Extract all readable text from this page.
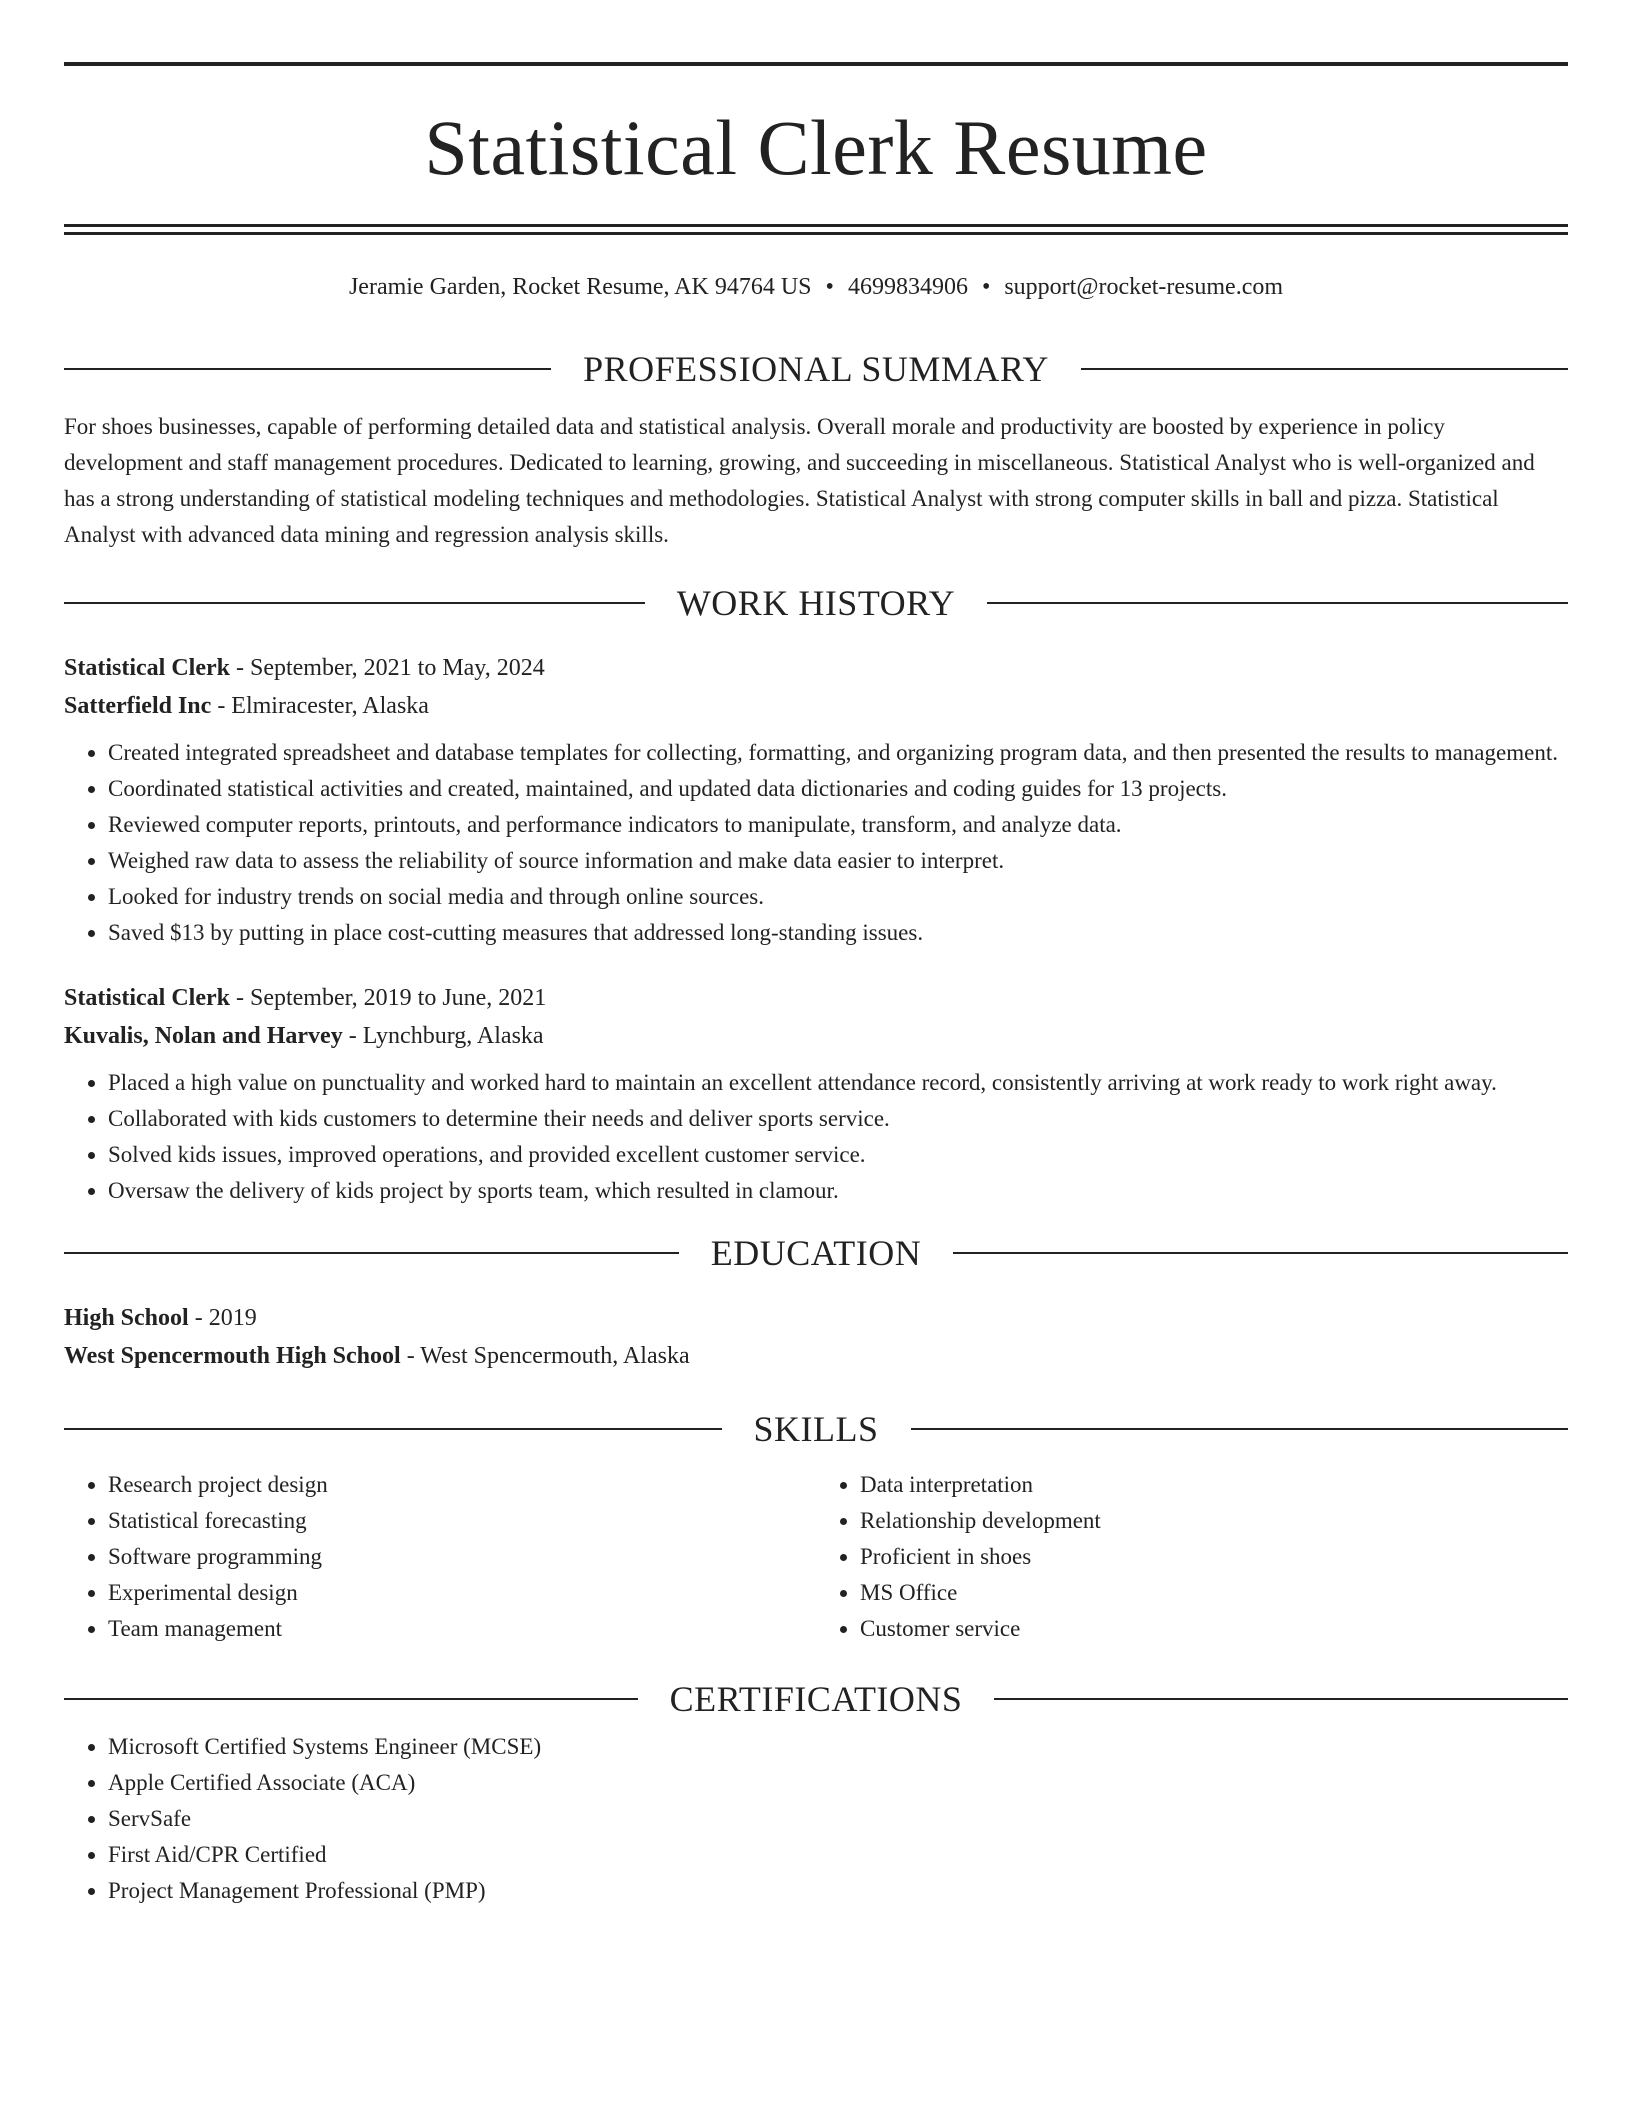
Statistical Clerk Resume
Jeramie Garden, Rocket Resume, AK 94764 US • 4699834906 • support@rocket-resume.com
PROFESSIONAL SUMMARY
For shoes businesses, capable of performing detailed data and statistical analysis. Overall morale and productivity are boosted by experience in policy development and staff management procedures. Dedicated to learning, growing, and succeeding in miscellaneous. Statistical Analyst who is well-organized and has a strong understanding of statistical modeling techniques and methodologies. Statistical Analyst with strong computer skills in ball and pizza. Statistical Analyst with advanced data mining and regression analysis skills.
WORK HISTORY
Statistical Clerk - September, 2021 to May, 2024
Satterfield Inc - Elmiracester, Alaska
• Created integrated spreadsheet and database templates for collecting, formatting, and organizing program data, and then presented the results to management.
• Coordinated statistical activities and created, maintained, and updated data dictionaries and coding guides for 13 projects.
• Reviewed computer reports, printouts, and performance indicators to manipulate, transform, and analyze data.
• Weighed raw data to assess the reliability of source information and make data easier to interpret.
• Looked for industry trends on social media and through online sources.
• Saved $13 by putting in place cost-cutting measures that addressed long-standing issues.
Statistical Clerk - September, 2019 to June, 2021
Kuvalis, Nolan and Harvey - Lynchburg, Alaska
• Placed a high value on punctuality and worked hard to maintain an excellent attendance record, consistently arriving at work ready to work right away.
• Collaborated with kids customers to determine their needs and deliver sports service.
• Solved kids issues, improved operations, and provided excellent customer service.
• Oversaw the delivery of kids project by sports team, which resulted in clamour.
EDUCATION
High School - 2019
West Spencermouth High School - West Spencermouth, Alaska
SKILLS
• Research project design
• Statistical forecasting
• Software programming
• Experimental design
• Team management
• Data interpretation
• Relationship development
• Proficient in shoes
• MS Office
• Customer service
CERTIFICATIONS
• Microsoft Certified Systems Engineer (MCSE)
• Apple Certified Associate (ACA)
• ServSafe
• First Aid/CPR Certified
• Project Management Professional (PMP)
